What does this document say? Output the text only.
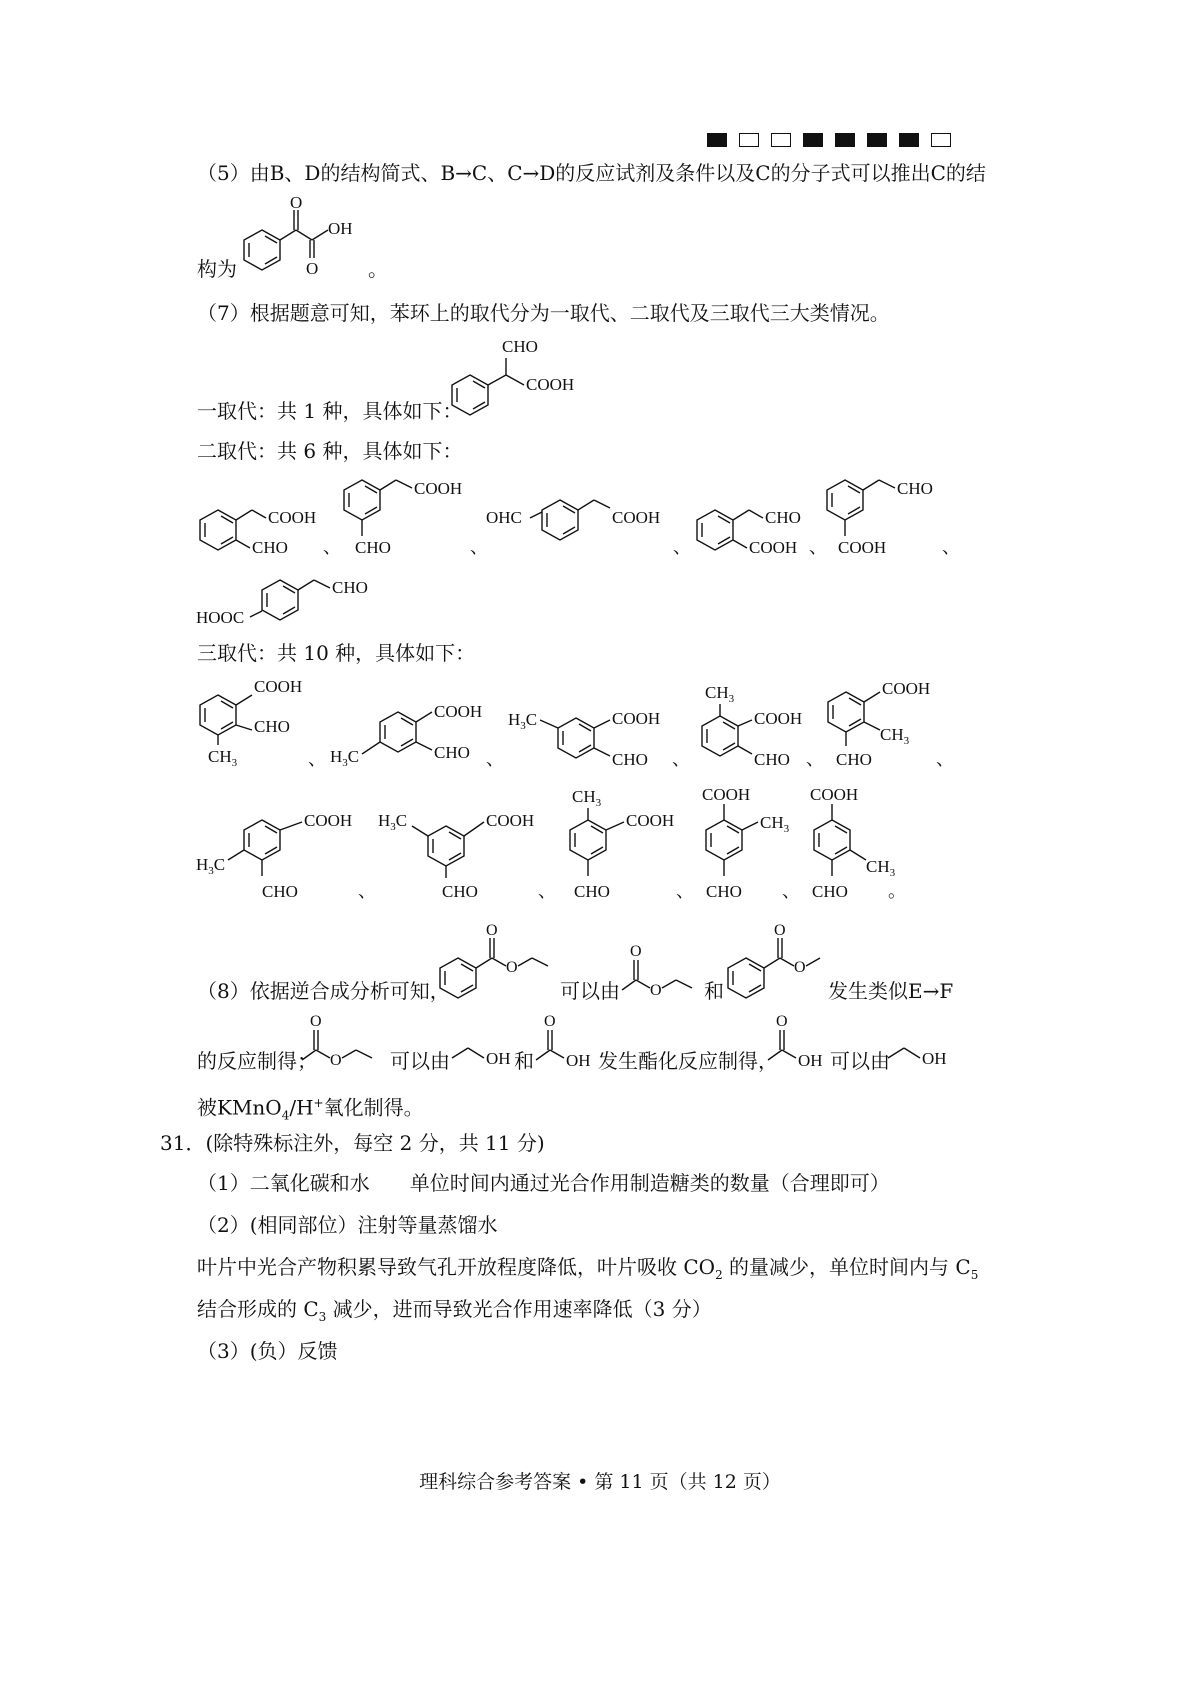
（5）由B、D的结构简式、B→C、C→D的反应试剂及条件以及C的分子式可以推出C的结
构为
O
OH
O 。
（7）根据题意可知，苯环上的取代分为一取代、二取代及三取代三大类情况。
一取代：共 1 种，具体如下：
CHO
COOH
二取代：共 6 种，具体如下：
COOH
CHO 、
COOH
CHO	、
OHC	COOH
、
CHO
COOH 、
CHO
COOH	、
HOOC
CHO
三取代：共 10 种，具体如下：
COOH
CHO
$CH_3$	、 $H_3C$
COOH
CHO 、
$H_3C$	COOH
CHO 、
$CH_3$
COOH
CHO 、
COOH
$CH_3$
CHO	、
$H_3C$
COOH
CHO
$H_3C$	COOH
CHO
、	、
$CH_3$
COOH
CHO	、
COOH
$CH_3$
CHO 、
COOH
$CH_3$
CHO 。
（8）依据逆合成分析可知，
O
O
可以由
O
O 和
O
O
发生类似E→F
的反应制得；
O
O 可以由 OH 和
O
OH 发生酯化反应制得，
O
OH 可以由 OH
被KMnO$_4$/H+氧化制得。
31．(除特殊标注外，每空 2 分，共 11 分)
（1）二氧化碳和水　　单位时间内通过光合作用制造糖类的数量（合理即可）
（2）(相同部位）注射等量蒸馏水
叶片中光合产物积累导致气孔开放程度降低，叶片吸收 $CO_2$ 的量减少，单位时间内与 $C_5$
结合形成的 $C_3$ 减少，进而导致光合作用速率降低（3 分）
（3）(负）反馈
理科综合参考答案 • 第 11 页（共 12 页）
